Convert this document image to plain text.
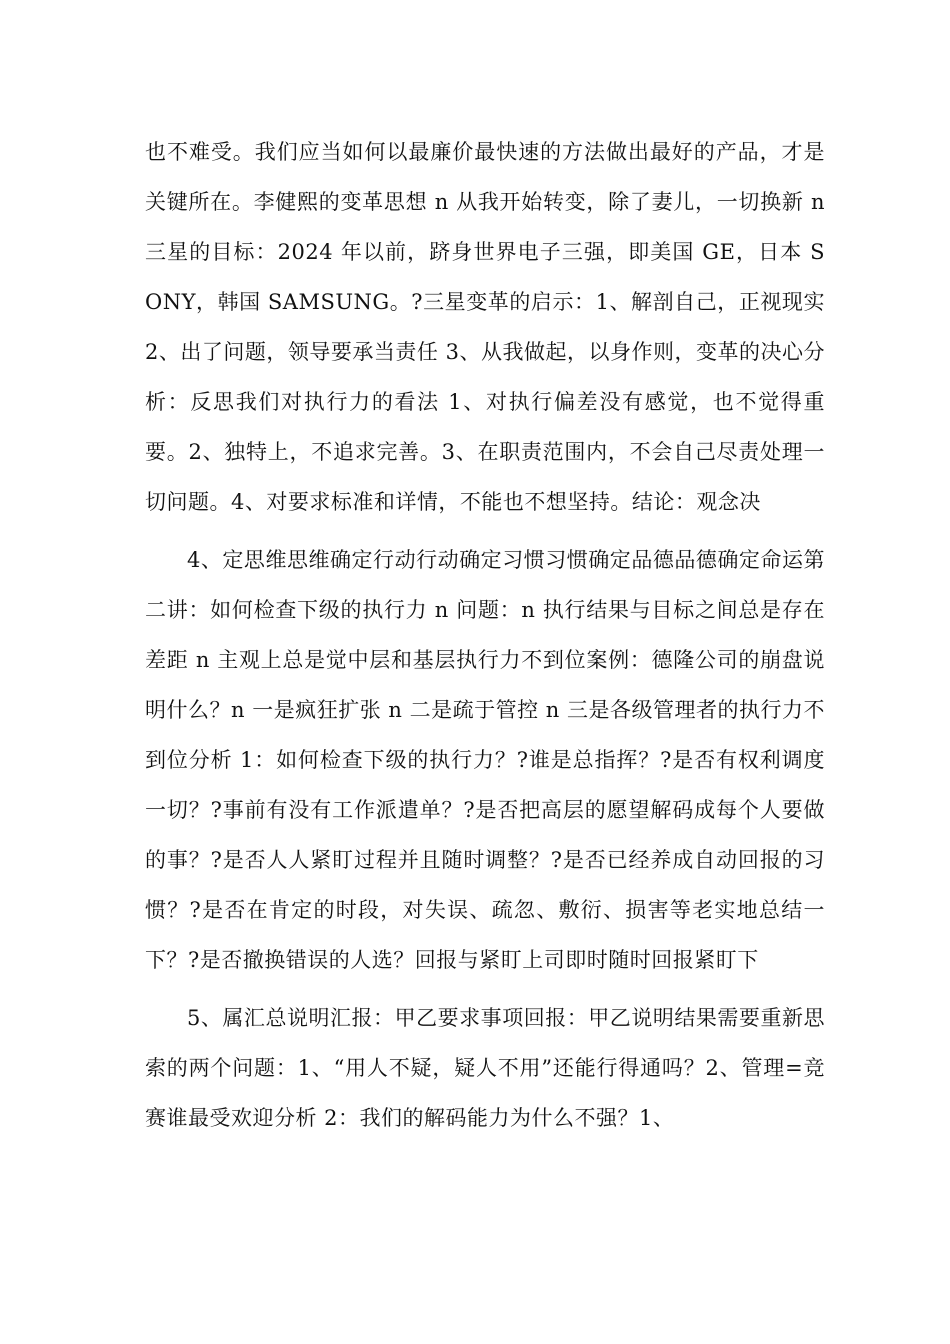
也不难受。我们应当如何以最廉价最快速的方法做出最好的产品，才是关键所在。李健熙的变革思想 n 从我开始转变，除了妻儿，一切换新 n 三星的目标：2024 年以前，跻身世界电子三强，即美国 GE，日本 SONY，韩国 SAMSUNG。?三星变革的启示：1、解剖自己，正视现实 2、出了问题，领导要承当责任 3、从我做起，以身作则，变革的决心分析：反思我们对执行力的看法 1、对执行偏差没有感觉，也不觉得重要。2、独特上，不追求完善。3、在职责范围内，不会自己尽责处理一切问题。4、对要求标准和详情，不能也不想坚持。结论：观念决

4、定思维思维确定行动行动确定习惯习惯确定品德品德确定命运第二讲：如何检查下级的执行力 n 问题：n 执行结果与目标之间总是存在差距 n 主观上总是觉中层和基层执行力不到位案例：德隆公司的崩盘说明什么？n 一是疯狂扩张 n 二是疏于管控 n 三是各级管理者的执行力不到位分析 1：如何检查下级的执行力？?谁是总指挥？?是否有权利调度一切？?事前有没有工作派遣单？?是否把高层的愿望解码成每个人要做的事？?是否人人紧盯过程并且随时调整？?是否已经养成自动回报的习惯？?是否在肯定的时段，对失误、疏忽、敷衍、损害等老实地总结一下？?是否撤换错误的人选？回报与紧盯上司即时随时回报紧盯下

5、属汇总说明汇报：甲乙要求事项回报：甲乙说明结果需要重新思索的两个问题：1、“用人不疑，疑人不用”还能行得通吗？2、管理=竞赛谁最受欢迎分析 2：我们的解码能力为什么不强？1、
